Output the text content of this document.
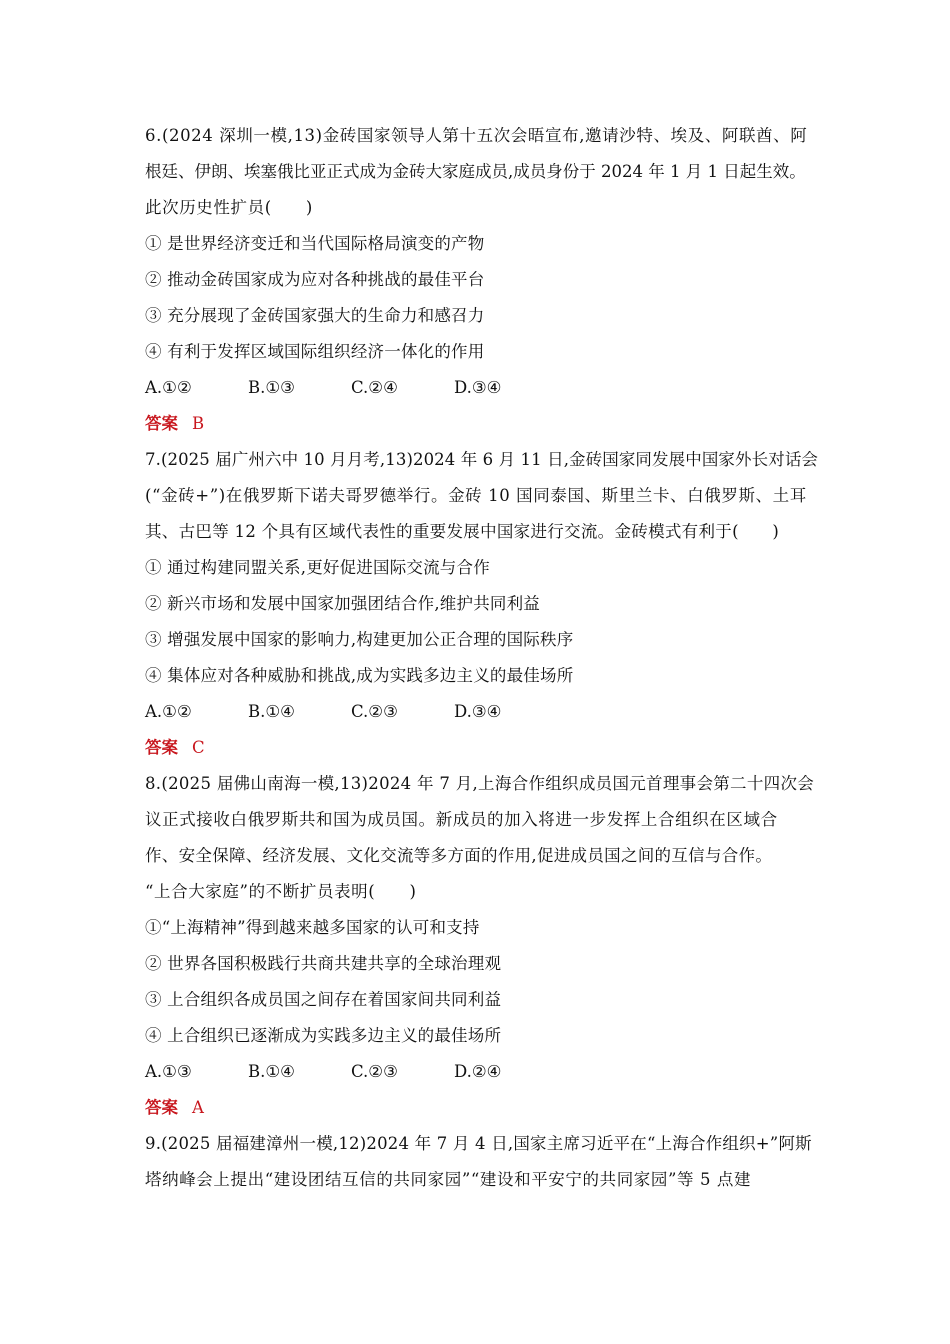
6.(2024 深圳一模,13)金砖国家领导人第十五次会晤宣布,邀请沙特、埃及、阿联酋、阿
根廷、伊朗、埃塞俄比亚正式成为金砖大家庭成员,成员身份于 2024 年 1 月 1 日起生效。
此次历史性扩员(　　)
① 是世界经济变迁和当代国际格局演变的产物
② 推动金砖国家成为应对各种挑战的最佳平台
③ 充分展现了金砖国家强大的生命力和感召力
④ 有利于发挥区域国际组织经济一体化的作用
A.①②	B.①③	C.②④	D.③④
答案 B
7.(2025 届广州六中 10 月月考,13)2024 年 6 月 11 日,金砖国家同发展中国家外长对话会
(“金砖+”)在俄罗斯下诺夫哥罗德举行。金砖 10 国同泰国、斯里兰卡、白俄罗斯、土耳
其、古巴等 12 个具有区域代表性的重要发展中国家进行交流。金砖模式有利于(　　)
① 通过构建同盟关系,更好促进国际交流与合作
② 新兴市场和发展中国家加强团结合作,维护共同利益
③ 增强发展中国家的影响力,构建更加公正合理的国际秩序
④ 集体应对各种威胁和挑战,成为实践多边主义的最佳场所
A.①②	B.①④	C.②③	D.③④
答案 C
8.(2025 届佛山南海一模,13)2024 年 7 月,上海合作组织成员国元首理事会第二十四次会
议正式接收白俄罗斯共和国为成员国。新成员的加入将进一步发挥上合组织在区域合
作、安全保障、经济发展、文化交流等多方面的作用,促进成员国之间的互信与合作。
“上合大家庭”的不断扩员表明(　　)
①“上海精神”得到越来越多国家的认可和支持
② 世界各国积极践行共商共建共享的全球治理观
③ 上合组织各成员国之间存在着国家间共同利益
④ 上合组织已逐渐成为实践多边主义的最佳场所
A.①③	B.①④	C.②③	D.②④
答案 A
9.(2025 届福建漳州一模,12)2024 年 7 月 4 日,国家主席习近平在“上海合作组织+”阿斯
塔纳峰会上提出“建设团结互信的共同家园”“建设和平安宁的共同家园”等 5 点建
